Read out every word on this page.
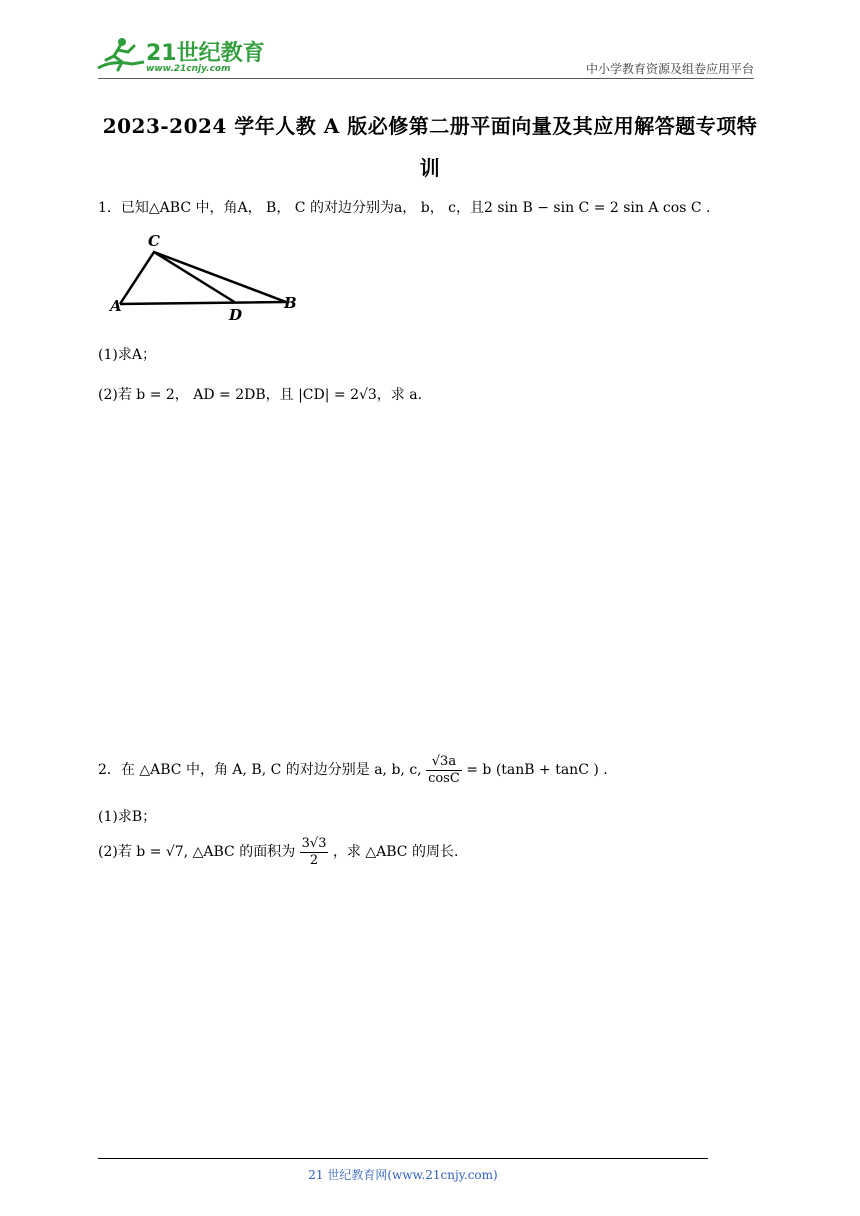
21世纪教育
www.21cnjy.com	中小学教育资源及组卷应用平台
2023-2024 学年人教 A 版必修第二册平面向量及其应用解答题专项特
训
1．已知△ABC 中，角A， B， C 的对边分别为a， b， c，且2 sin B − sin C = 2 sin A cos C .
C
A	D
B
(1)求A；
(2)若 b = 2， AD = 2DB，且 |CD| = 2√3，求 a.
2．在 △ABC 中，角 A, B, C 的对边分别是 a, b, c, $\frac{√3a}{\cos C} = b$ (tanB + tanC ) .
(1)求B；
(2)若 b = √7, △ABC 的面积为 $\frac{3√3}{2}$ ，求 △ABC 的周长.
21 世纪教育网(www.21cnjy.com)
